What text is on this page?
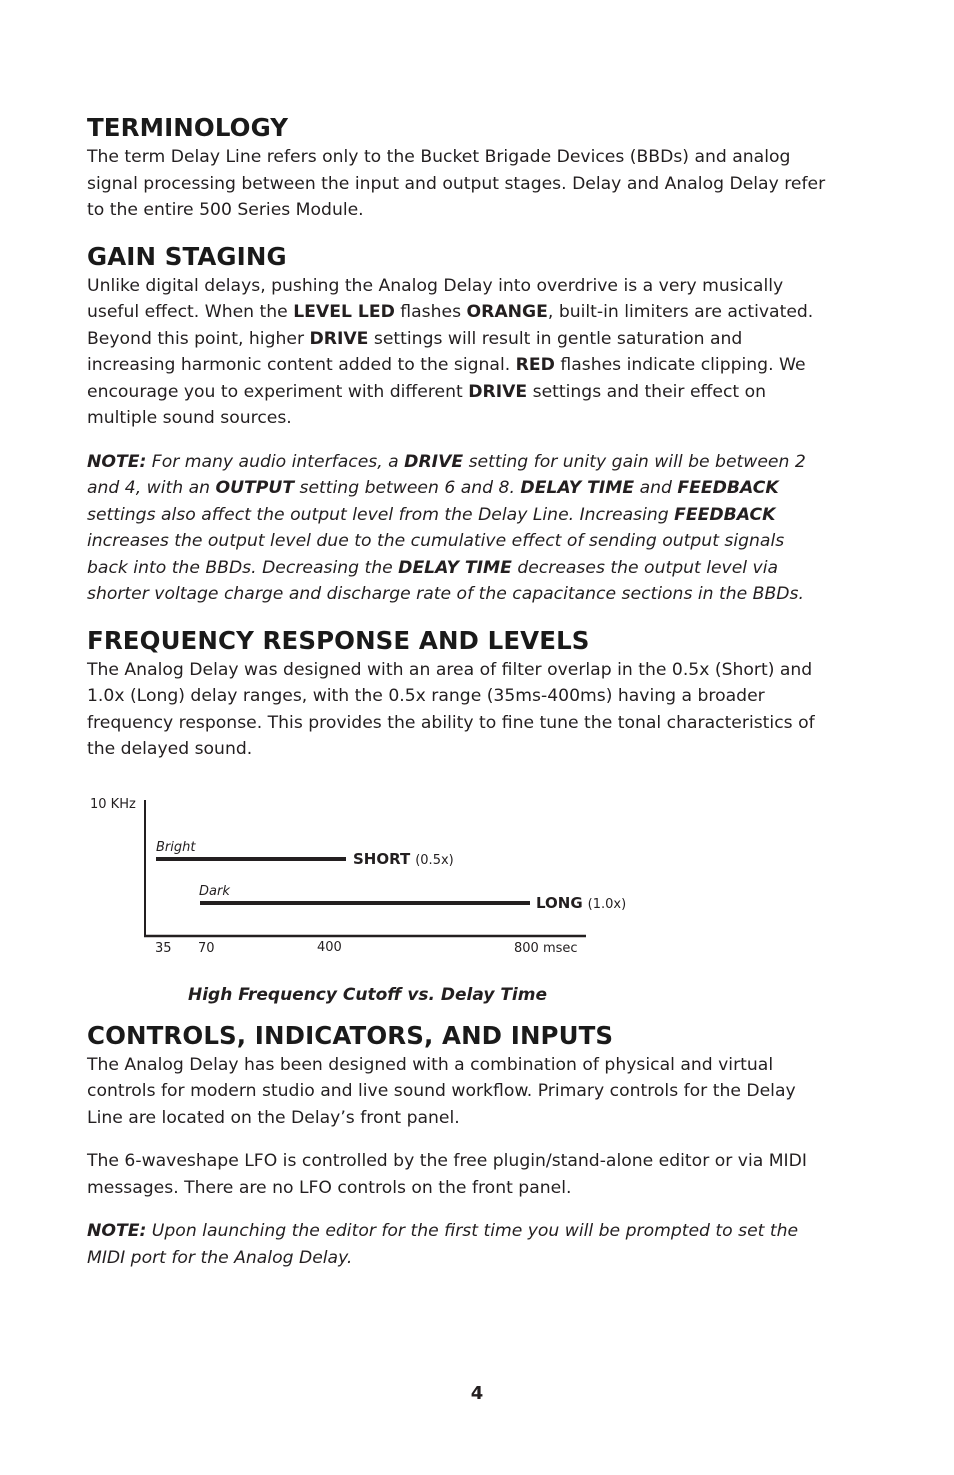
TERMINOLOGY

The term Delay Line refers only to the Bucket Brigade Devices (BBDs) and analog signal processing between the input and output stages. Delay and Analog Delay refer to the entire 500 Series Module.

GAIN STAGING

Unlike digital delays, pushing the Analog Delay into overdrive is a very musically useful effect. When the LEVEL LED flashes ORANGE, built-in limiters are activated. Beyond this point, higher DRIVE settings will result in gentle saturation and increasing harmonic content added to the signal. RED flashes indicate clipping. We encourage you to experiment with different DRIVE settings and their effect on multiple sound sources.

NOTE: For many audio interfaces, a DRIVE setting for unity gain will be between 2 and 4, with an OUTPUT setting between 6 and 8. DELAY TIME and FEEDBACK settings also affect the output level from the Delay Line. Increasing FEEDBACK increases the output level due to the cumulative effect of sending output signals back into the BBDs. Decreasing the DELAY TIME decreases the output level via shorter voltage charge and discharge rate of the capacitance sections in the BBDs.

FREQUENCY RESPONSE AND LEVELS

The Analog Delay was designed with an area of filter overlap in the 0.5x (Short) and 1.0x (Long) delay ranges, with the 0.5x range (35ms-400ms) having a broader frequency response. This provides the ability to fine tune the tonal characteristics of the delayed sound.

10 KHz
35 70	400	800 msec
Bright
SHORT (0.5x)
Dark
LONG (1.0x)
High Frequency Cutoff vs. Delay Time
CONTROLS, INDICATORS, AND INPUTS

The Analog Delay has been designed with a combination of physical and virtual controls for modern studio and live sound workflow. Primary controls for the Delay Line are located on the Delay’s front panel.

The 6-waveshape LFO is controlled by the free plugin/stand-alone editor or via MIDI messages. There are no LFO controls on the front panel.

NOTE: Upon launching the editor for the first time you will be prompted to set the MIDI port for the Analog Delay.

4
